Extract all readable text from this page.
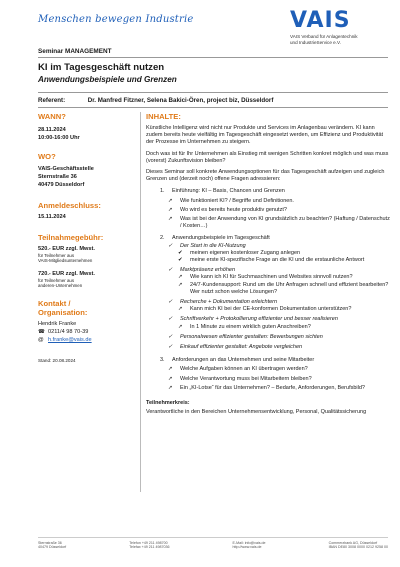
Menschen bewegen Industrie	VAIS
VAIS Verband für Anlagentechnik
und IndustrieService e.V.
Seminar MANAGEMENT
KI im Tagesgeschäft nutzen
Anwendungsbeispiele und Grenzen
Referent:	Dr. Manfred Fitzner, Selena Bakici-Ören, project biz, Düsseldorf
WANN?
28.11.2024
10:00-16:00 Uhr
WO?
VAIS-Geschäftsstelle
Sternstraße 36
40479 Düsseldorf
Anmeldeschluss:
15.11.2024
Teilnahmegebühr:
520.- EUR zzgl. Mwst.
für Teilnehmer aus
VAIS-Mitgliedsunternehmen
720.- EUR zzgl. Mwst.
für Teilnehmer aus
anderen-Unternehmen
Kontakt /
Organisation:
Hendrik Franke
☎ 0211/4 98 70-39
@ h.franke@vais.de
Stand: 20.08.2024
INHALTE:
Künstliche Intelligenz wird nicht nur Produkte und Services im Anlagenbau verändern. KI kann zudem bereits heute vielfältig im Tagesgeschäft eingesetzt werden, um Effizienz und Produktivität der Prozesse im Unternehmen zu steigern.
Doch was ist für Ihr Unternehmen als Einstieg mit wenigen Schritten konkret möglich und was muss (vorerst) Zukunftsvision bleiben?
Dieses Seminar soll konkrete Anwendungsoptionen für das Tagesgeschäft aufzeigen und zugleich Grenzen und (derzeit noch) offene Fragen adressieren:
1.	Einführung: KI – Basis, Chancen und Grenzen
➚	Wie funktioniert KI? / Begriffe und Definitionen.
➚	Wo wird es bereits heute produktiv genutzt?
➚	Was ist bei der Anwendung von KI grundsätzlich zu beachten? (Haftung / Datenschutz / Kosten…)
2.	Anwendungsbeispiele im Tagesgeschäft
✓	Der Start in die KI-Nutzung
✔	meinen eigenen kostenloser Zugang anlegen
✔	meine erste KI-spezifische Frage an die KI und die erstaunliche Antwort
✓	Marktpräsenz erhöhen
➚	Wie kann ich KI für Suchmaschinen und Websites sinnvoll nutzen?
➚	24/7-Kundensupport: Rund um die Uhr Anfragen schnell und effizient bearbeiten? Wer nutzt schon welche Lösungen?
✓	Recherche + Dokumentation erleichtern
➚	Kann mich KI bei der CE-konformen Dokumentation unterstützen?
✓	Schriftverkehr + Protokollierung effizienter und besser realisieren
➚	In 1 Minute zu einem wirklich guten Anschreiben?
✓	Personalwesen effizienter gestalten: Bewerbungen sichten
✓	Einkauf effizienter gestaltet: Angebote vergleichen
3.	Anforderungen an das Unternehmen und seine Mitarbeiter
➚	Welche Aufgaben können an KI übertragen werden?
➚	Welche Verantwortung muss bei Mitarbeitern bleiben?
➚	Ein „KI-Lotse“ für das Unternehmen? – Bedarfe, Anforderungen, Berufsbild?
Teilnehmerkreis:
Verantwortliche in den Bereichen Unternehmensentwicklung, Personal, Qualitätssicherung
Sternstraße 36
40479 Düsseldorf
Telefon +49 211 498700
Telefax +49 211 4987036
E-Mail: info@vais.de
http://www.vais.de
Commerzbank AG, Düsseldorf
IBAN DE80 3008 0000 0212 9258 00
